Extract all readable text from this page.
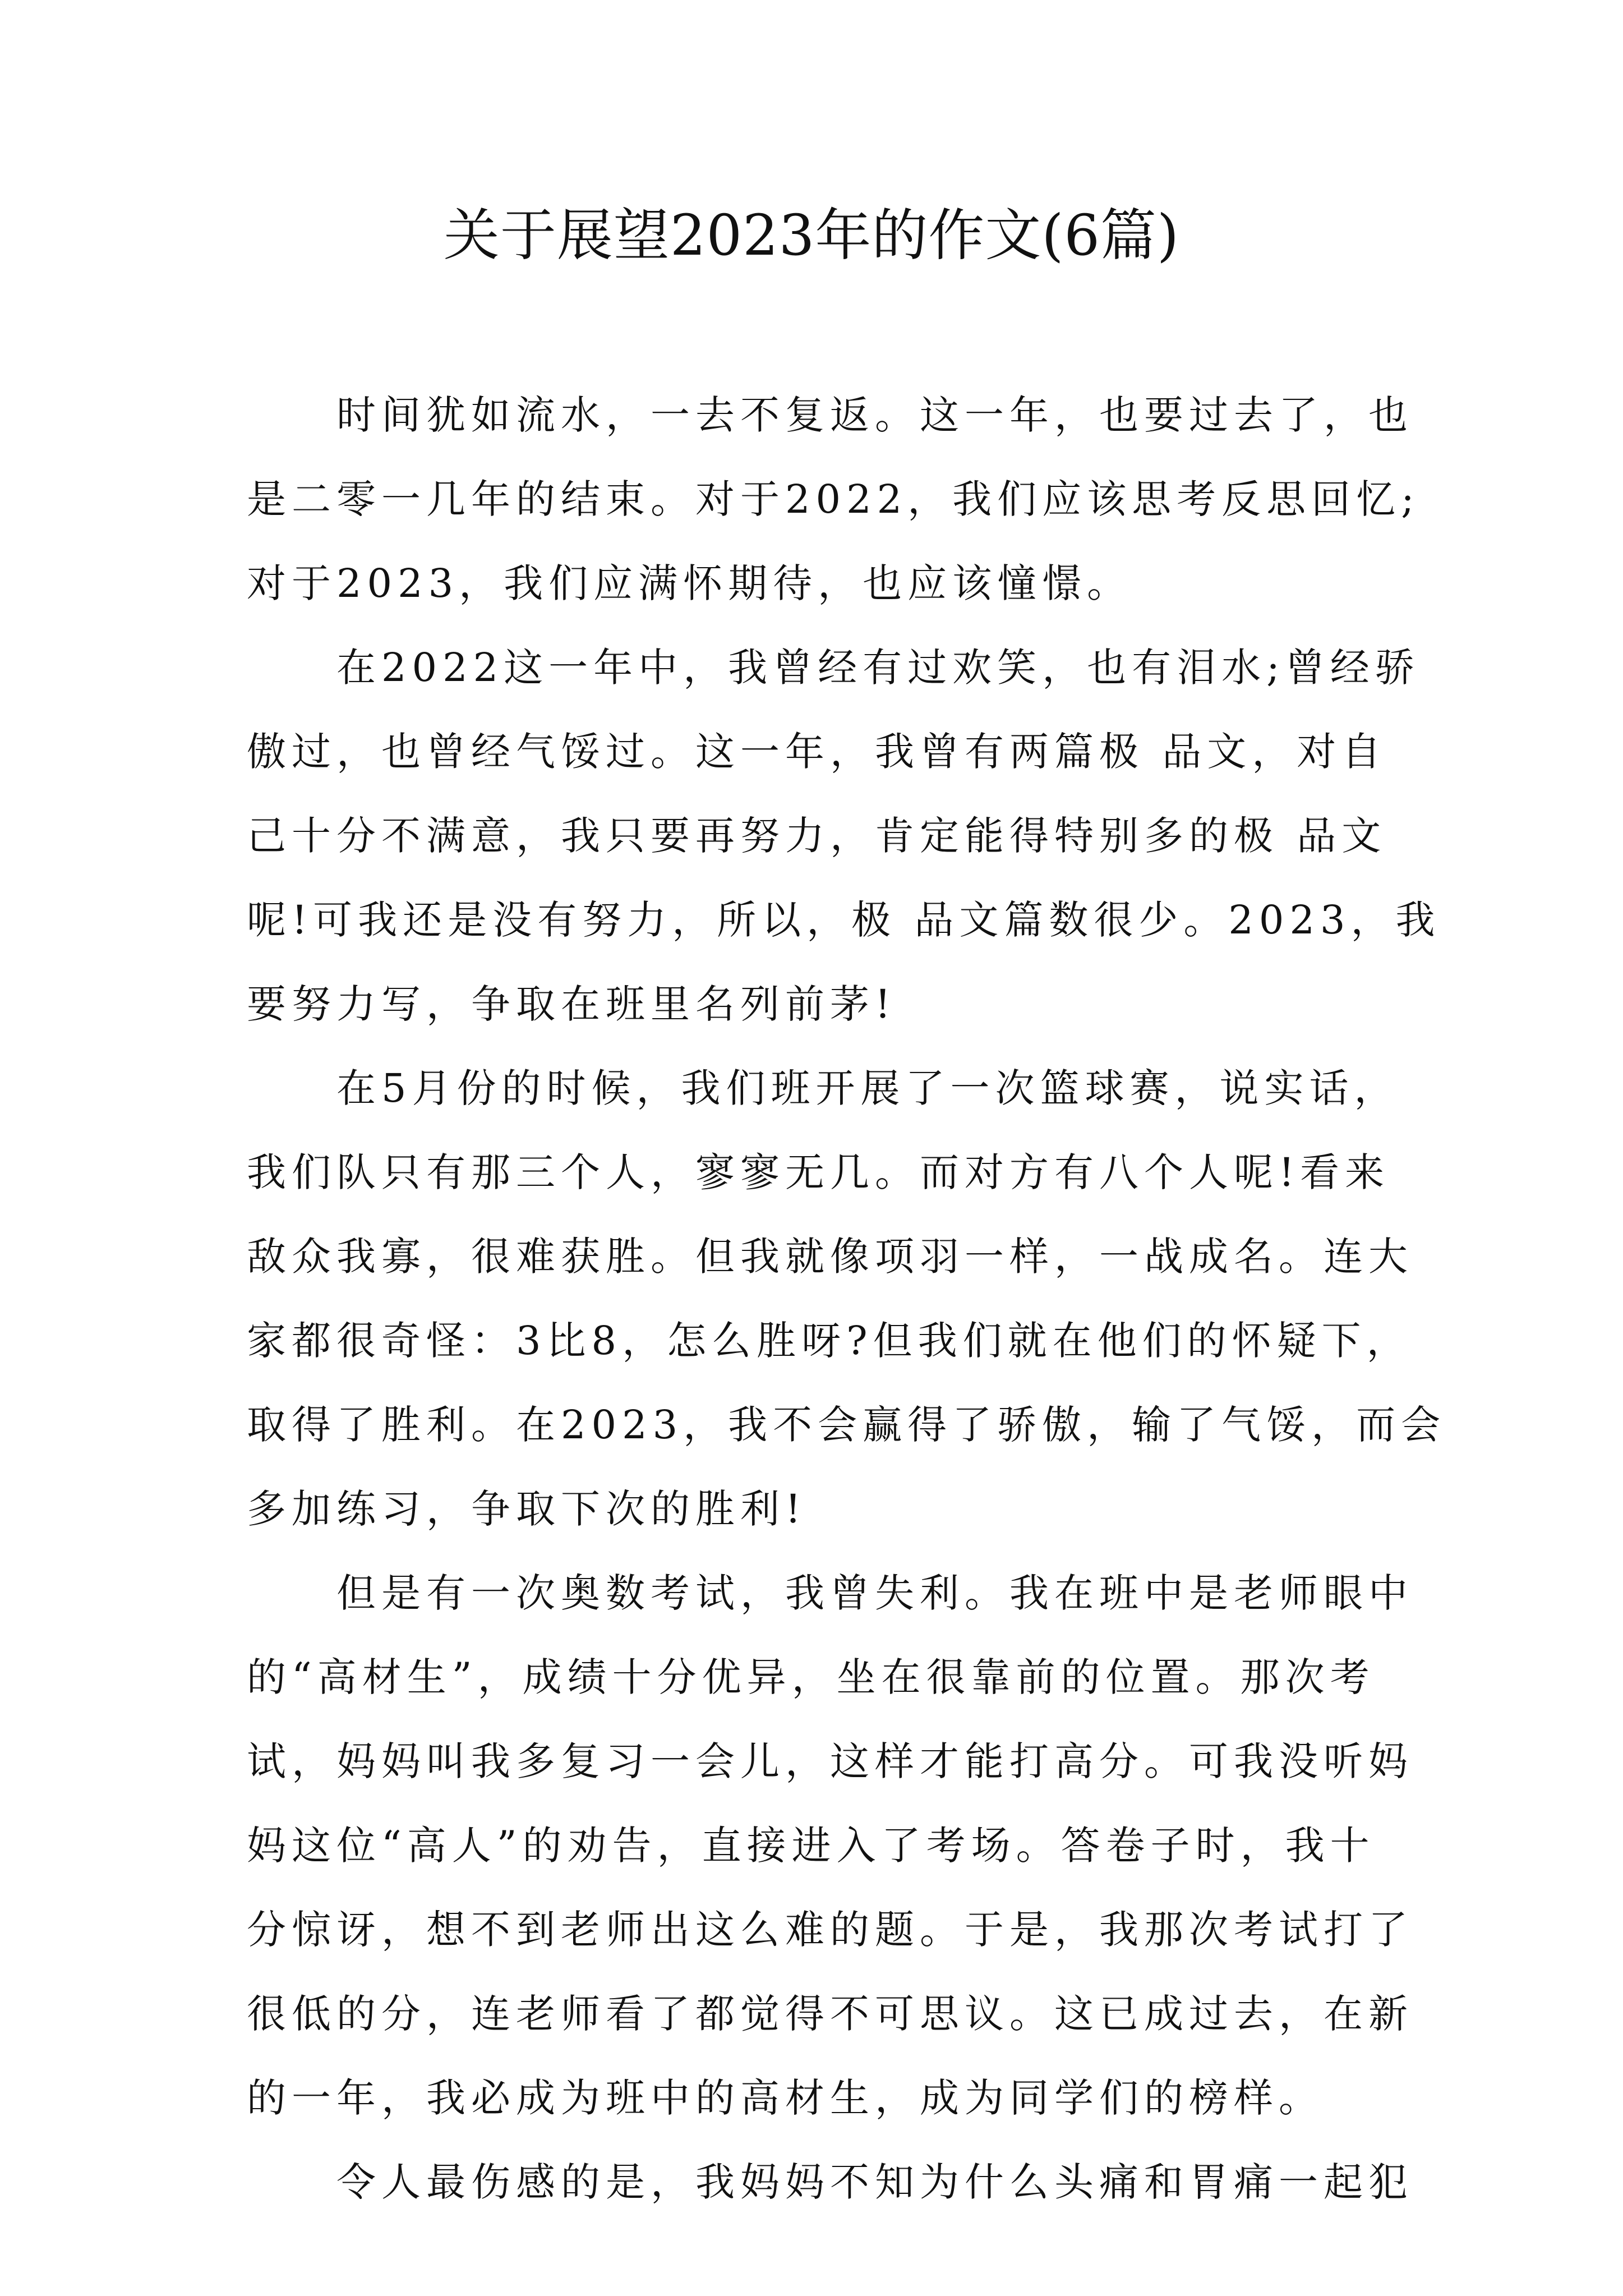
关于展望2023年的作文(6篇)
时间犹如流水，一去不复返。这一年，也要过去了，也
是二零一几年的结束。对于2022，我们应该思考反思回忆;
对于2023，我们应满怀期待，也应该憧憬。
在2022这一年中，我曾经有过欢笑，也有泪水;曾经骄
傲过，也曾经气馁过。这一年，我曾有两篇极 品文，对自
己十分不满意，我只要再努力，肯定能得特别多的极 品文
呢!可我还是没有努力，所以，极 品文篇数很少。2023，我
要努力写，争取在班里名列前茅!
在5月份的时候，我们班开展了一次篮球赛，说实话，
我们队只有那三个人，寥寥无几。而对方有八个人呢!看来
敌众我寡，很难获胜。但我就像项羽一样，一战成名。连大
家都很奇怪：3比8，怎么胜呀?但我们就在他们的怀疑下，
取得了胜利。在2023，我不会赢得了骄傲，输了气馁，而会
多加练习，争取下次的胜利!
但是有一次奥数考试，我曾失利。我在班中是老师眼中
的“高材生”，成绩十分优异，坐在很靠前的位置。那次考
试，妈妈叫我多复习一会儿，这样才能打高分。可我没听妈
妈这位“高人”的劝告，直接进入了考场。答卷子时，我十
分惊讶，想不到老师出这么难的题。于是，我那次考试打了
很低的分，连老师看了都觉得不可思议。这已成过去，在新
的一年，我必成为班中的高材生，成为同学们的榜样。
令人最伤感的是，我妈妈不知为什么头痛和胃痛一起犯
